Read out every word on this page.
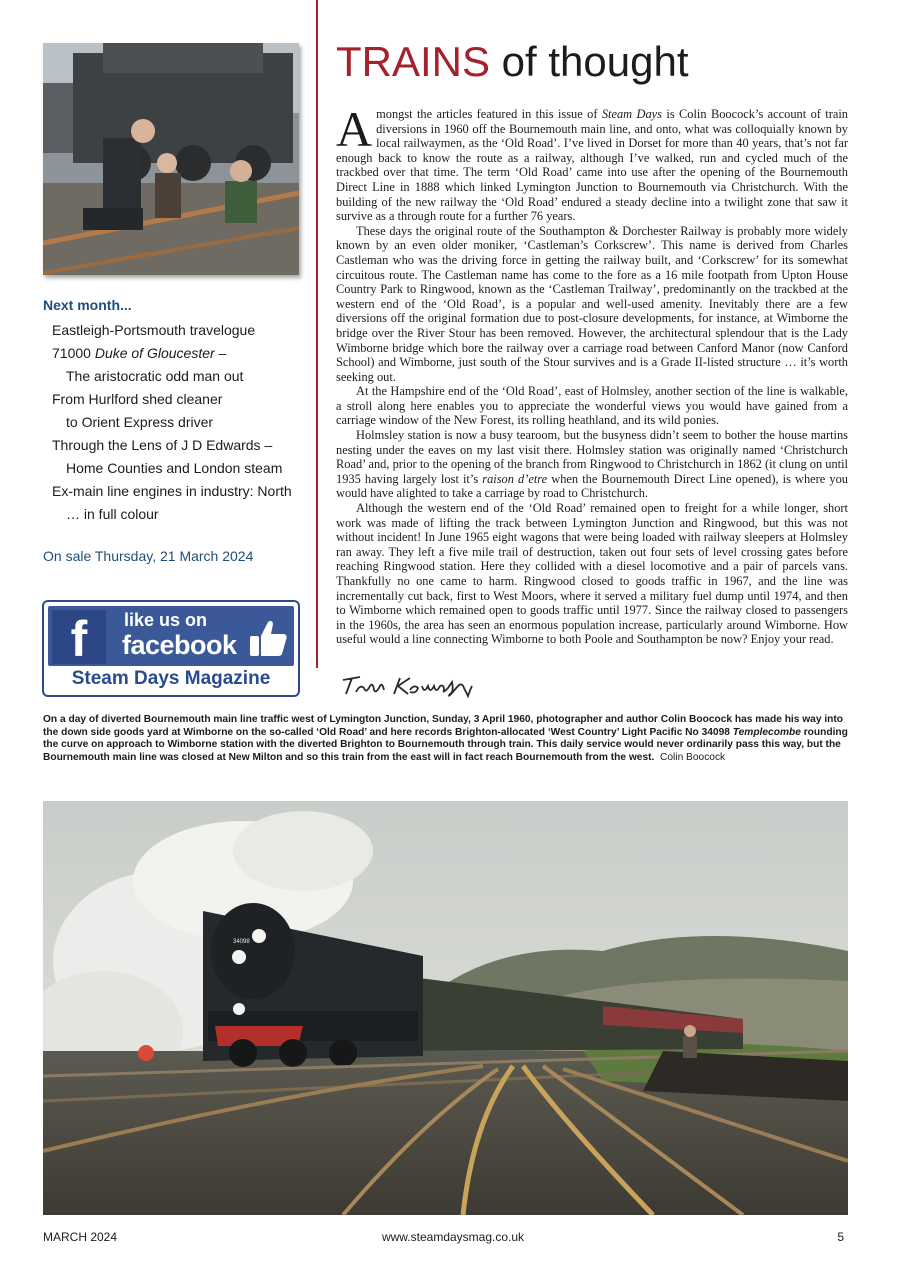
Next month...
Eastleigh-Portsmouth travelogue
71000 Duke of Gloucester –
The aristocratic odd man out
From Hurlford shed cleaner
to Orient Express driver
Through the Lens of J D Edwards –
Home Counties and London steam
Ex-main line engines in industry: North
… in full colour
On sale Thursday, 21 March 2024
f	like us on
facebook
Steam Days Magazine
TRAINS of thought

Amongst the articles featured in this issue of Steam Days is Colin Boocock’s account of train diversions in 1960 off the Bournemouth main line, and onto, what was colloquially known by local railwaymen, as the ‘Old Road’. I’ve lived in Dorset for more than 40 years, that’s not far enough back to know the route as a railway, although I’ve walked, run and cycled much of the trackbed over that time. The term ‘Old Road’ came into use after the opening of the Bournemouth Direct Line in 1888 which linked Lymington Junction to Bournemouth via Christchurch. With the building of the new railway the ‘Old Road’ endured a steady decline into a twilight zone that saw it survive as a through route for a further 76 years.

These days the original route of the Southampton & Dorchester Railway is probably more widely known by an even older moniker, ‘Castleman’s Corkscrew’. This name is derived from Charles Castleman who was the driving force in getting the railway built, and ‘Corkscrew’ for its somewhat circuitous route. The Castleman name has come to the fore as a 16 mile footpath from Upton House Country Park to Ringwood, known as the ‘Castleman Trailway’, predominantly on the trackbed at the western end of the ‘Old Road’, is a popular and well-used amenity. Inevitably there are a few diversions off the original formation due to post-closure developments, for instance, at Wimborne the bridge over the River Stour has been removed. However, the architectural splendour that is the Lady Wimborne bridge which bore the railway over a carriage road between Canford Manor (now Canford School) and Wimborne, just south of the Stour survives and is a Grade II-listed structure … it’s worth seeking out.

At the Hampshire end of the ‘Old Road’, east of Holmsley, another section of the line is walkable, a stroll along here enables you to appreciate the wonderful views you would have gained from a carriage window of the New Forest, its rolling heathland, and its wild ponies.

Holmsley station is now a busy tearoom, but the busyness didn’t seem to bother the house martins nesting under the eaves on my last visit there. Holmsley station was originally named ‘Christchurch Road’ and, prior to the opening of the branch from Ringwood to Christchurch in 1862 (it clung on until 1935 having largely lost it’s raison d’etre when the Bournemouth Direct Line opened), is where you would have alighted to take a carriage by road to Christchurch.

Although the western end of the ‘Old Road’ remained open to freight for a while longer, short work was made of lifting the track between Lymington Junction and Ringwood, but this was not without incident! In June 1965 eight wagons that were being loaded with railway sleepers at Holmsley ran away. They left a five mile trail of destruction, taken out four sets of level crossing gates before reaching Ringwood station. Here they collided with a diesel locomotive and a pair of parcels vans. Thankfully no one came to harm. Ringwood closed to goods traffic in 1967, and the line was incrementally cut back, first to West Moors, where it served a military fuel dump until 1974, and then to Wimborne which remained open to goods traffic until 1977. Since the railway closed to passengers in the 1960s, the area has seen an enormous population increase, particularly around Wimborne. How useful would a line connecting Wimborne to both Poole and Southampton be now? Enjoy your read.

On a day of diverted Bournemouth main line traffic west of Lymington Junction, Sunday, 3 April 1960, photographer and author Colin Boocock has made his way into the down side goods yard at Wimborne on the so-called ‘Old Road’ and here records Brighton-allocated ‘West Country’ Light Pacific No 34098 Templecombe rounding the curve on approach to Wimborne station with the diverted Brighton to Bournemouth through train. This daily service would never ordinarily pass this way, but the Bournemouth main line was closed at New Milton and so this train from the east will in fact reach Bournemouth from the west. Colin Boocock
34098
MARCH 2024	www.steamdaysmag.co.uk	5
